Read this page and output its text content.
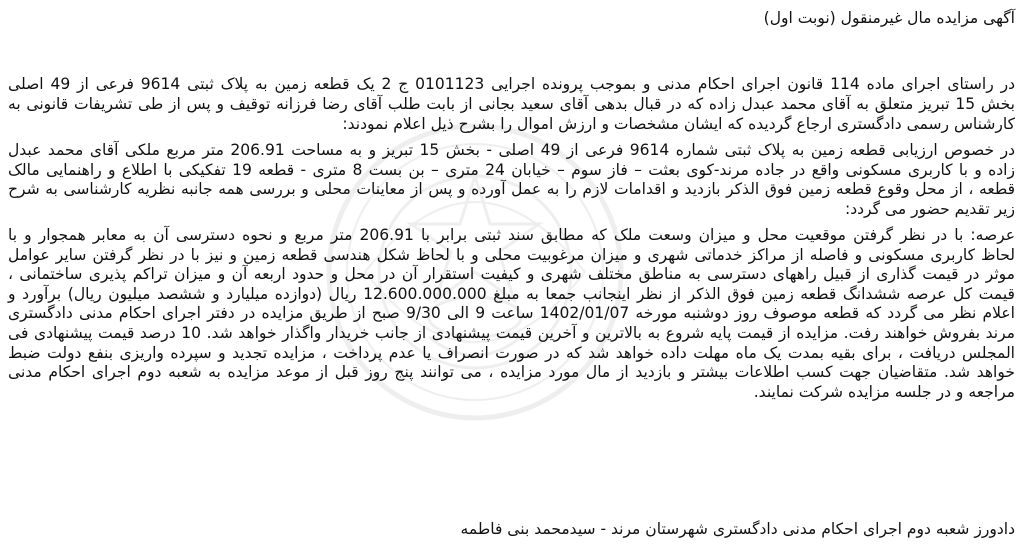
آگهی مزایده مال غیرمنقول (نوبت اول)
در راستای اجرای ماده 114 قانون اجرای احکام مدنی و بموجب پرونده اجرایی 0101123 ج 2 یک قطعه زمین به پلاک ثبتی 9614 فرعی از 49 اصلی
بخش 15 تبریز متعلق به آقای محمد عبدل زاده که در قبال بدهی آقای سعید بجانی از بابت طلب آقای رضا فرزانه توقیف و پس از طی تشریفات قانونی به
کارشناس رسمی دادگستری ارجاع گردیده که ایشان مشخصات و ارزش اموال را بشرح ذیل اعلام نمودند:
در خصوص ارزیابی قطعه زمین به پلاک ثبتی شماره 9614 فرعی از 49 اصلی - بخش 15 تبریز و به مساحت 206.91 متر مربع ملکی آقای محمد عبدل
زاده و با کاربری مسکونی واقع در جاده مرند-کوی بعثت – فاز سوم – خیابان 24 متری – بن بست 8 متری - قطعه 19 تفکیکی با اطلاع و راهنمایی مالک
قطعه ، از محل وقوع قطعه زمین فوق الذکر بازدید و اقدامات لازم را به عمل آورده و پس از معاینات محلی و بررسی همه جانبه نظریه کارشناسی به شرح
زیر تقدیم حضور می گردد:
عرصه: با در نظر گرفتن موقعیت محل و میزان وسعت ملک که مطابق سند ثبتی برابر با 206.91 متر مربع و نحوه دسترسی آن به معابر همجوار و با
لحاظ کاربری مسکونی و فاصله از مراکز خدماتی شهری و میزان مرغوبیت محلی و با لحاظ شکل هندسی قطعه زمین و نیز با در نظر گرفتن سایر عوامل
موثر در قیمت گذاری از قبیل راههای دسترسی به مناطق مختلف شهری و کیفیت استقرار آن در محل و حدود اربعه آن و میزان تراکم پذیری ساختمانی ،
قیمت کل عرصه ششدانگ قطعه زمین فوق الذکر از نظر اینجانب جمعا به مبلغ 12.600.000.000 ریال (دوازده میلیارد و ششصد میلیون ریال) برآورد و
اعلام نظر می گردد که قطعه موصوف روز دوشنبه مورخه 1402/01/07 ساعت 9 الی 9/30 صبح از طریق مزایده در دفتر اجرای احکام مدنی دادگستری
مرند بفروش خواهند رفت. مزایده از قیمت پایه شروع به بالاترین و آخرین قیمت پیشنهادی از جانب خریدار واگذار خواهد شد. 10 درصد قیمت پیشنهادی فی
المجلس دریافت ، برای بقیه بمدت یک ماه مهلت داده خواهد شد که در صورت انصراف یا عدم پرداخت ، مزایده تجدید و سپرده واریزی بنفع دولت ضبط
خواهد شد. متقاضیان جهت کسب اطلاعات بیشتر و بازدید از مال مورد مزایده ، می توانند پنج روز قبل از موعد مزایده به شعبه دوم اجرای احکام مدنی
مراجعه و در جلسه مزایده شرکت نمایند.
دادورز شعبه دوم اجرای احکام مدنی دادگستری شهرستان مرند - سیدمحمد بنی فاطمه
